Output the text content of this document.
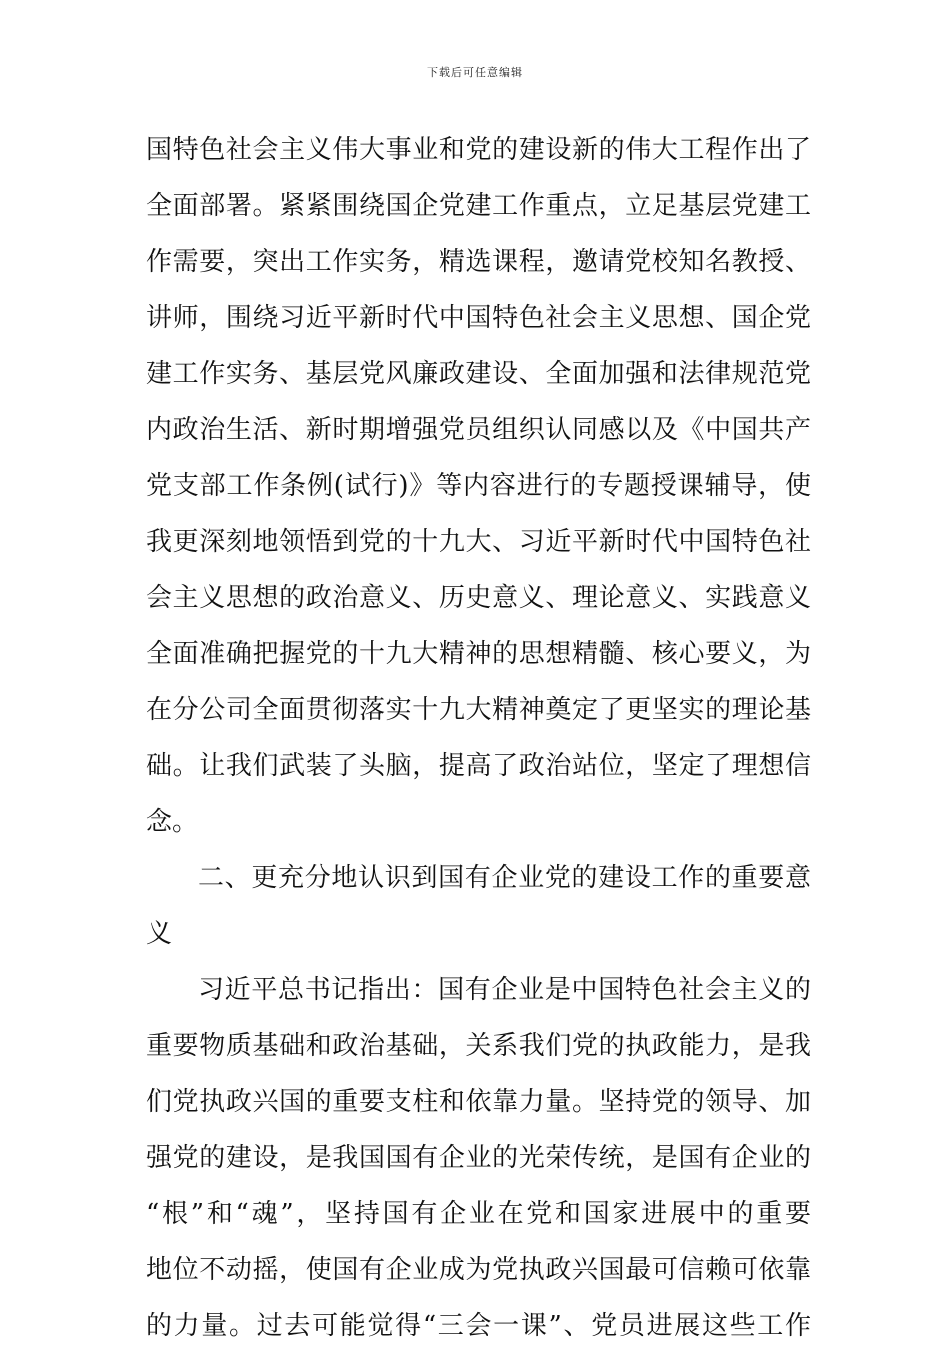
下载后可任意编辑
国特色社会主义伟大事业和党的建设新的伟大工程作出了
全面部署。紧紧围绕国企党建工作重点，立足基层党建工
作需要，突出工作实务，精选课程，邀请党校知名教授、
讲师，围绕习近平新时代中国特色社会主义思想、国企党
建工作实务、基层党风廉政建设、全面加强和法律规范党
内政治生活、新时期增强党员组织认同感以及《中国共产
党支部工作条例(试行)》等内容进行的专题授课辅导，使
我更深刻地领悟到党的十九大、习近平新时代中国特色社
会主义思想的政治意义、历史意义、理论意义、实践意义
全面准确把握党的十九大精神的思想精髓、核心要义，为
在分公司全面贯彻落实十九大精神奠定了更坚实的理论基
础。让我们武装了头脑，提高了政治站位，坚定了理想信
念。
二、更充分地认识到国有企业党的建设工作的重要意
义
习近平总书记指出：国有企业是中国特色社会主义的
重要物质基础和政治基础，关系我们党的执政能力，是我
们党执政兴国的重要支柱和依靠力量。坚持党的领导、加
强党的建设，是我国国有企业的光荣传统，是国有企业的
“根”和“魂”，坚持国有企业在党和国家进展中的重要
地位不动摇，使国有企业成为党执政兴国最可信赖可依靠
的力量。过去可能觉得“三会一课”、党员进展这些工作
